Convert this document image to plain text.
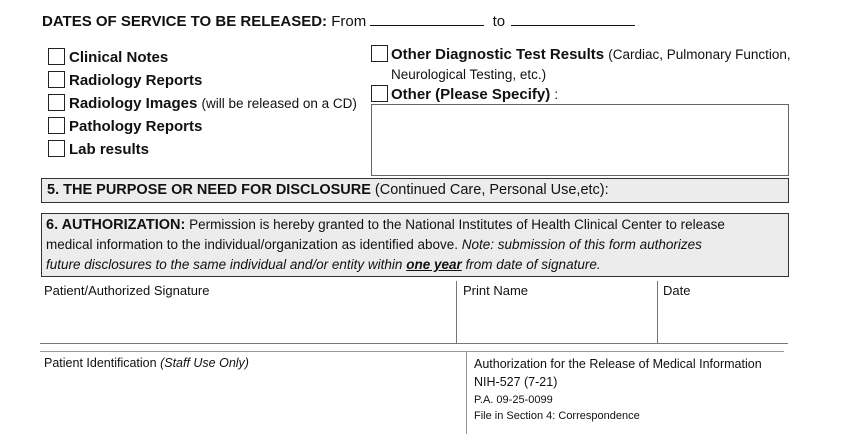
DATES OF SERVICE TO BE RELEASED: From	to
Clinical Notes
Radiology Reports
Radiology Images (will be released on a CD)
Pathology Reports
Lab results
Other Diagnostic Test Results (Cardiac, Pulmonary Function,
Neurological Testing, etc.)
Other (Please Specify) :
5. THE PURPOSE OR NEED FOR DISCLOSURE (Continued Care, Personal Use,etc):
6. AUTHORIZATION: Permission is hereby granted to the National Institutes of Health Clinical Center to release
medical information to the individual/organization as identified above. Note: submission of this form authorizes
future disclosures to the same individual and/or entity within one year from date of signature.
Patient/Authorized Signature	Print Name	Date
Patient Identification (Staff Use Only)	Authorization for the Release of Medical Information
NIH-527 (7-21)
P.A. 09-25-0099
File in Section 4: Correspondence
